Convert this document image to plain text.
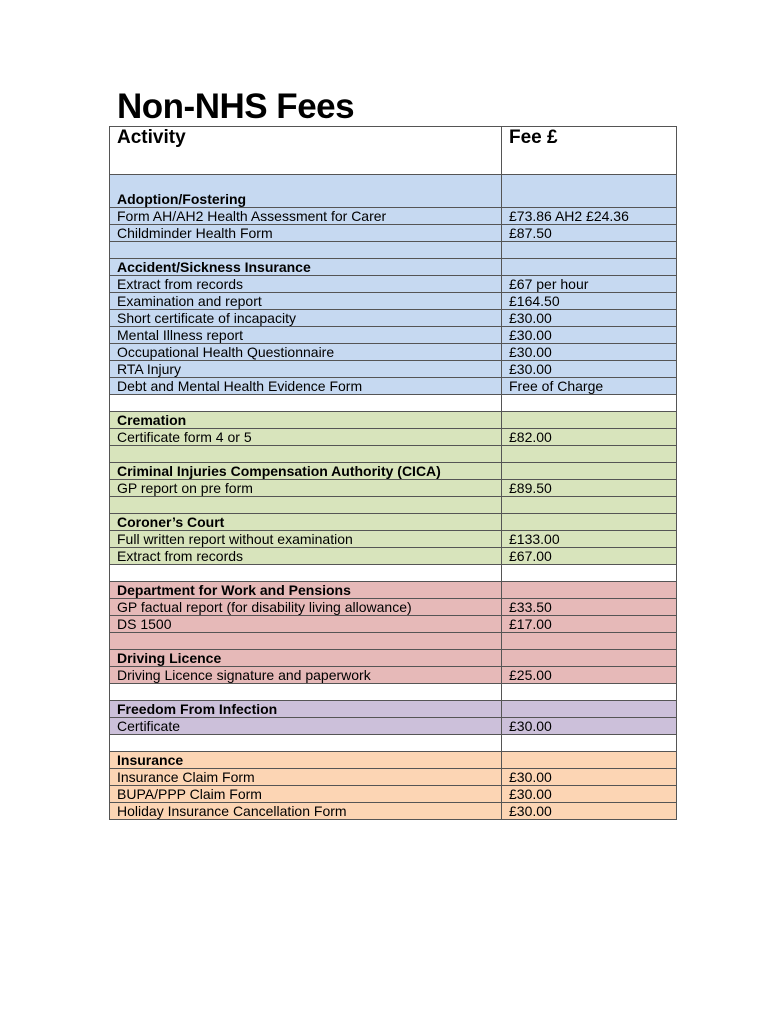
Non-NHS Fees
Activity	Fee £
Adoption/Fostering	
Form AH/AH2 Health Assessment for Carer	£73.86 AH2 £24.36
Childminder Health Form	£87.50

Accident/Sickness Insurance	
Extract from records	£67 per hour
Examination and report	£164.50
Short certificate of incapacity	£30.00
Mental Illness report	£30.00
Occupational Health Questionnaire	£30.00
RTA Injury	£30.00
Debt and Mental Health Evidence Form	Free of Charge

Cremation	
Certificate form 4 or 5	£82.00

Criminal Injuries Compensation Authority (CICA)	
GP report on pre form	£89.50

Coroner’s Court	
Full written report without examination	£133.00
Extract from records	£67.00

Department for Work and Pensions	
GP factual report (for disability living allowance)	£33.50
DS 1500	£17.00

Driving Licence	
Driving Licence signature and paperwork	£25.00

Freedom From Infection	
Certificate	£30.00

Insurance	
Insurance Claim Form	£30.00
BUPA/PPP Claim Form	£30.00
Holiday Insurance Cancellation Form	£30.00
